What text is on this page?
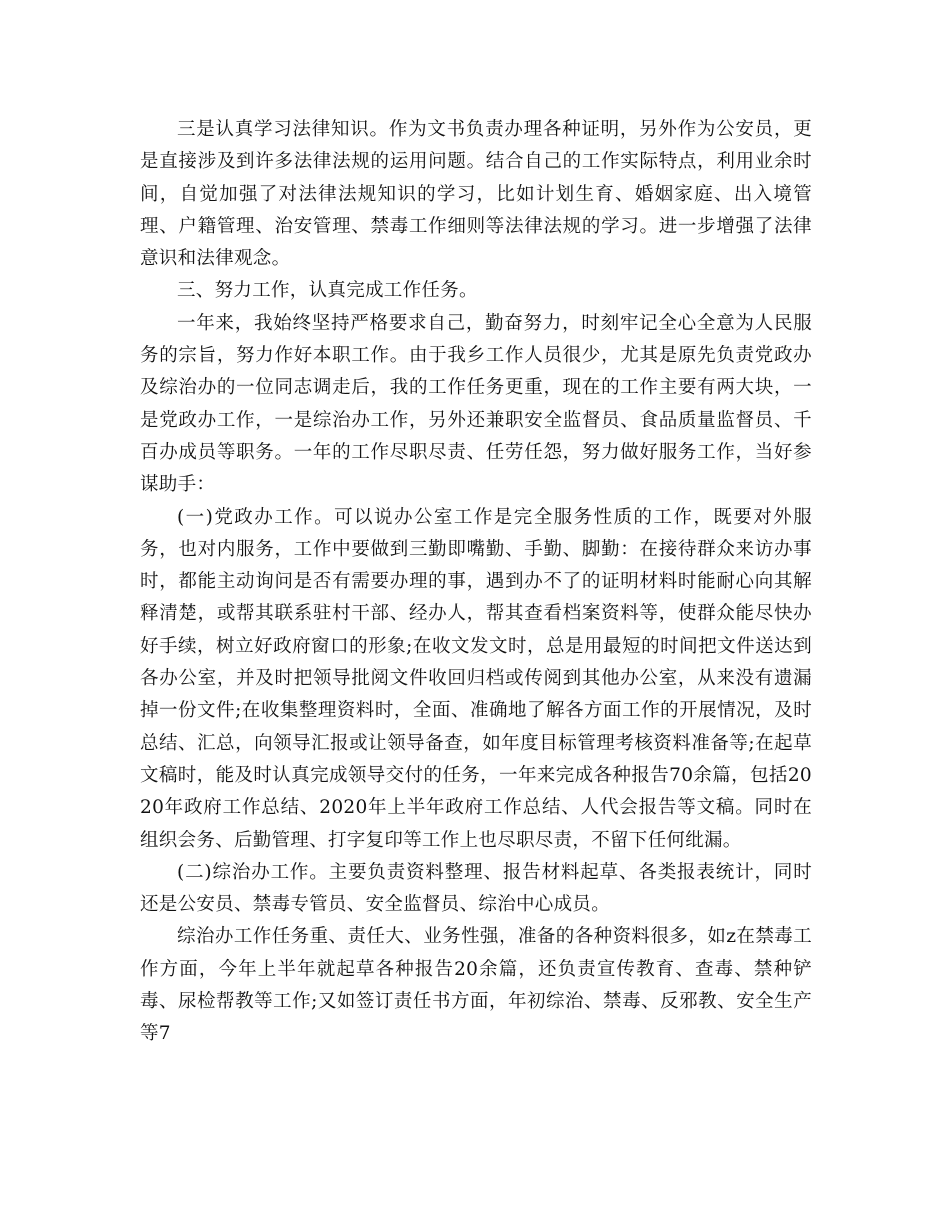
三是认真学习法律知识。作为文书负责办理各种证明，另外作为公安员，更是直接涉及到许多法律法规的运用问题。结合自己的工作实际特点，利用业余时间，自觉加强了对法律法规知识的学习，比如计划生育、婚姻家庭、出入境管理、户籍管理、治安管理、禁毒工作细则等法律法规的学习。进一步增强了法律意识和法律观念。

三、努力工作，认真完成工作任务。

一年来，我始终坚持严格要求自己，勤奋努力，时刻牢记全心全意为人民服务的宗旨，努力作好本职工作。由于我乡工作人员很少，尤其是原先负责党政办及综治办的一位同志调走后，我的工作任务更重，现在的工作主要有两大块，一是党政办工作，一是综治办工作，另外还兼职安全监督员、食品质量监督员、千百办成员等职务。一年的工作尽职尽责、任劳任怨，努力做好服务工作，当好参谋助手：

(一)党政办工作。可以说办公室工作是完全服务性质的工作，既要对外服务，也对内服务，工作中要做到三勤即嘴勤、手勤、脚勤：在接待群众来访办事时，都能主动询问是否有需要办理的事，遇到办不了的证明材料时能耐心向其解释清楚，或帮其联系驻村干部、经办人，帮其查看档案资料等，使群众能尽快办好手续，树立好政府窗口的形象;在收文发文时，总是用最短的时间把文件送达到各办公室，并及时把领导批阅文件收回归档或传阅到其他办公室，从来没有遗漏掉一份文件;在收集整理资料时，全面、准确地了解各方面工作的开展情况，及时总结、汇总，向领导汇报或让领导备查，如年度目标管理考核资料准备等;在起草文稿时，能及时认真完成领导交付的任务，一年来完成各种报告70余篇，包括2020年政府工作总结、2020年上半年政府工作总结、人代会报告等文稿。同时在组织会务、后勤管理、打字复印等工作上也尽职尽责，不留下任何纰漏。

(二)综治办工作。主要负责资料整理、报告材料起草、各类报表统计，同时还是公安员、禁毒专管员、安全监督员、综治中心成员。

综治办工作任务重、责任大、业务性强，准备的各种资料很多，如z在禁毒工作方面，今年上半年就起草各种报告20余篇，还负责宣传教育、查毒、禁种铲毒、尿检帮教等工作;又如签订责任书方面，年初综治、禁毒、反邪教、安全生产等7
